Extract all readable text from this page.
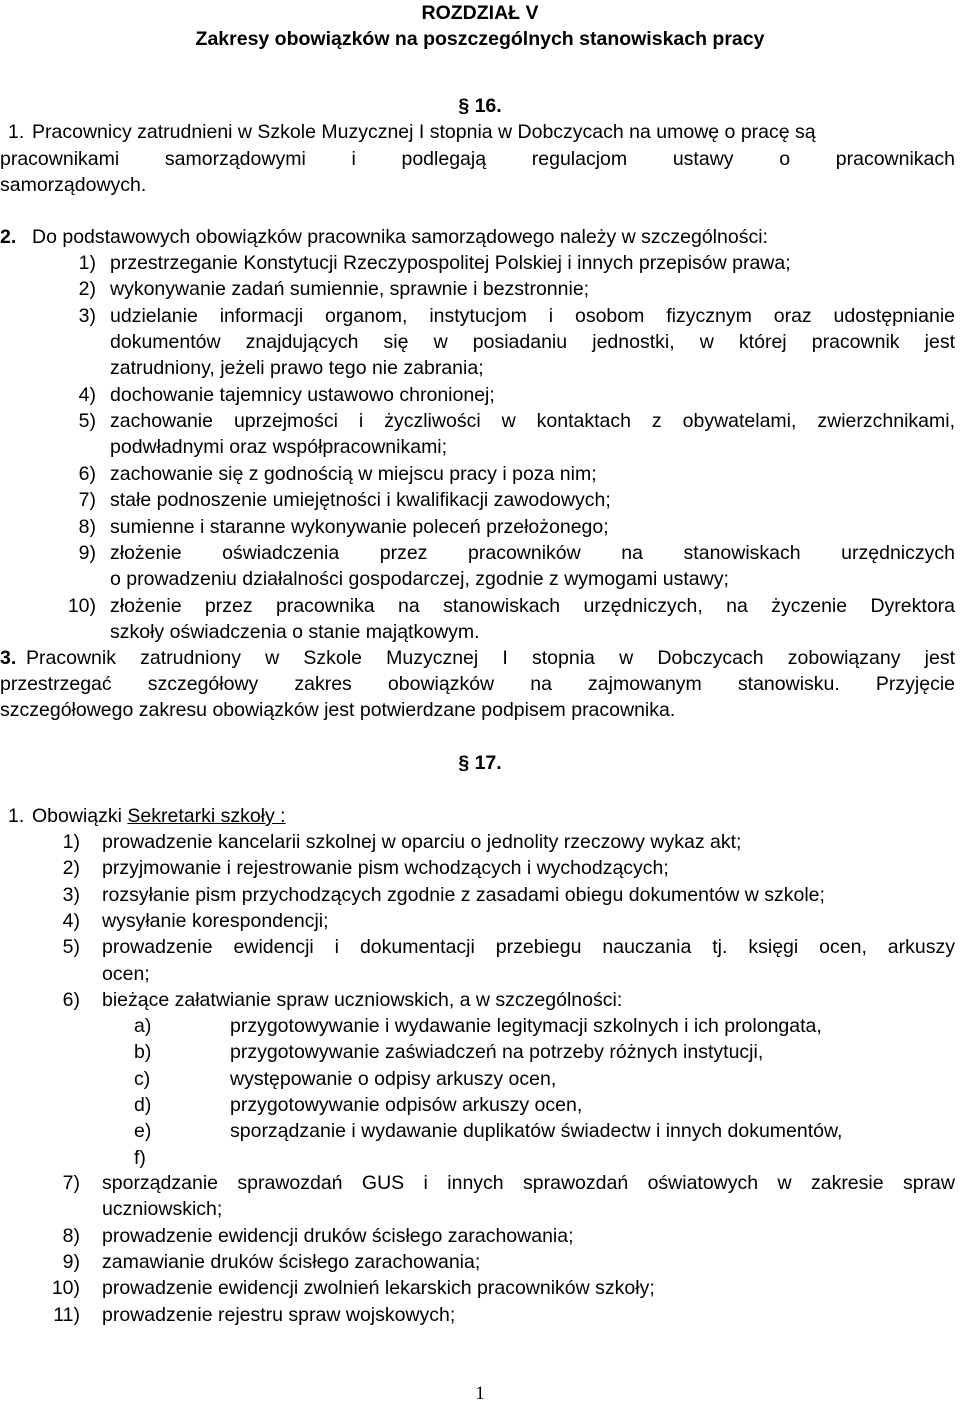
ROZDZIAŁ V
Zakresy obowiązków na poszczególnych stanowiskach pracy
§ 16.
1. Pracownicy zatrudnieni w Szkole Muzycznej I stopnia w Dobczycach na umowę o pracę są
pracownikami samorządowymi i podlegają regulacjom ustawy o pracownikach
samorządowych.
2. Do podstawowych obowiązków pracownika samorządowego należy w szczególności:
1) przestrzeganie Konstytucji Rzeczypospolitej Polskiej i innych przepisów prawa;
2) wykonywanie zadań sumiennie, sprawnie i bezstronnie;
3) udzielanie informacji organom, instytucjom i osobom fizycznym oraz udostępnianie
dokumentów znajdujących się w posiadaniu jednostki, w której pracownik jest
zatrudniony, jeżeli prawo tego nie zabrania;
4) dochowanie tajemnicy ustawowo chronionej;
5) zachowanie uprzejmości i życzliwości w kontaktach z obywatelami, zwierzchnikami,
podwładnymi oraz współpracownikami;
6) zachowanie się z godnością w miejscu pracy i poza nim;
7) stałe podnoszenie umiejętności i kwalifikacji zawodowych;
8) sumienne i staranne wykonywanie poleceń przełożonego;
9) złożenie oświadczenia przez pracowników na stanowiskach urzędniczych
o prowadzeniu działalności gospodarczej, zgodnie z wymogami ustawy;
10) złożenie przez pracownika na stanowiskach urzędniczych, na życzenie Dyrektora
szkoły oświadczenia o stanie majątkowym.
3. Pracownik zatrudniony w Szkole Muzycznej I stopnia w Dobczycach zobowiązany jest
przestrzegać szczegółowy zakres obowiązków na zajmowanym stanowisku. Przyjęcie
szczegółowego zakresu obowiązków jest potwierdzane podpisem pracownika.
§ 17.
1. Obowiązki Sekretarki szkoły :
1) prowadzenie kancelarii szkolnej w oparciu o jednolity rzeczowy wykaz akt;
2) przyjmowanie i rejestrowanie pism wchodzących i wychodzących;
3) rozsyłanie pism przychodzących zgodnie z zasadami obiegu dokumentów w szkole;
4) wysyłanie korespondencji;
5) prowadzenie ewidencji i dokumentacji przebiegu nauczania tj. księgi ocen, arkuszy
ocen;
6) bieżące załatwianie spraw uczniowskich, a w szczególności:
a)	przygotowywanie i wydawanie legitymacji szkolnych i ich prolongata,
b)	przygotowywanie zaświadczeń na potrzeby różnych instytucji,
c)	występowanie o odpisy arkuszy ocen,
d)	przygotowywanie odpisów arkuszy ocen,
e)	sporządzanie i wydawanie duplikatów świadectw i innych dokumentów,
f)
7) sporządzanie sprawozdań GUS i innych sprawozdań oświatowych w zakresie spraw
uczniowskich;
8) prowadzenie ewidencji druków ścisłego zarachowania;
9) zamawianie druków ścisłego zarachowania;
10) prowadzenie ewidencji zwolnień lekarskich pracowników szkoły;
11) prowadzenie rejestru spraw wojskowych;
1
